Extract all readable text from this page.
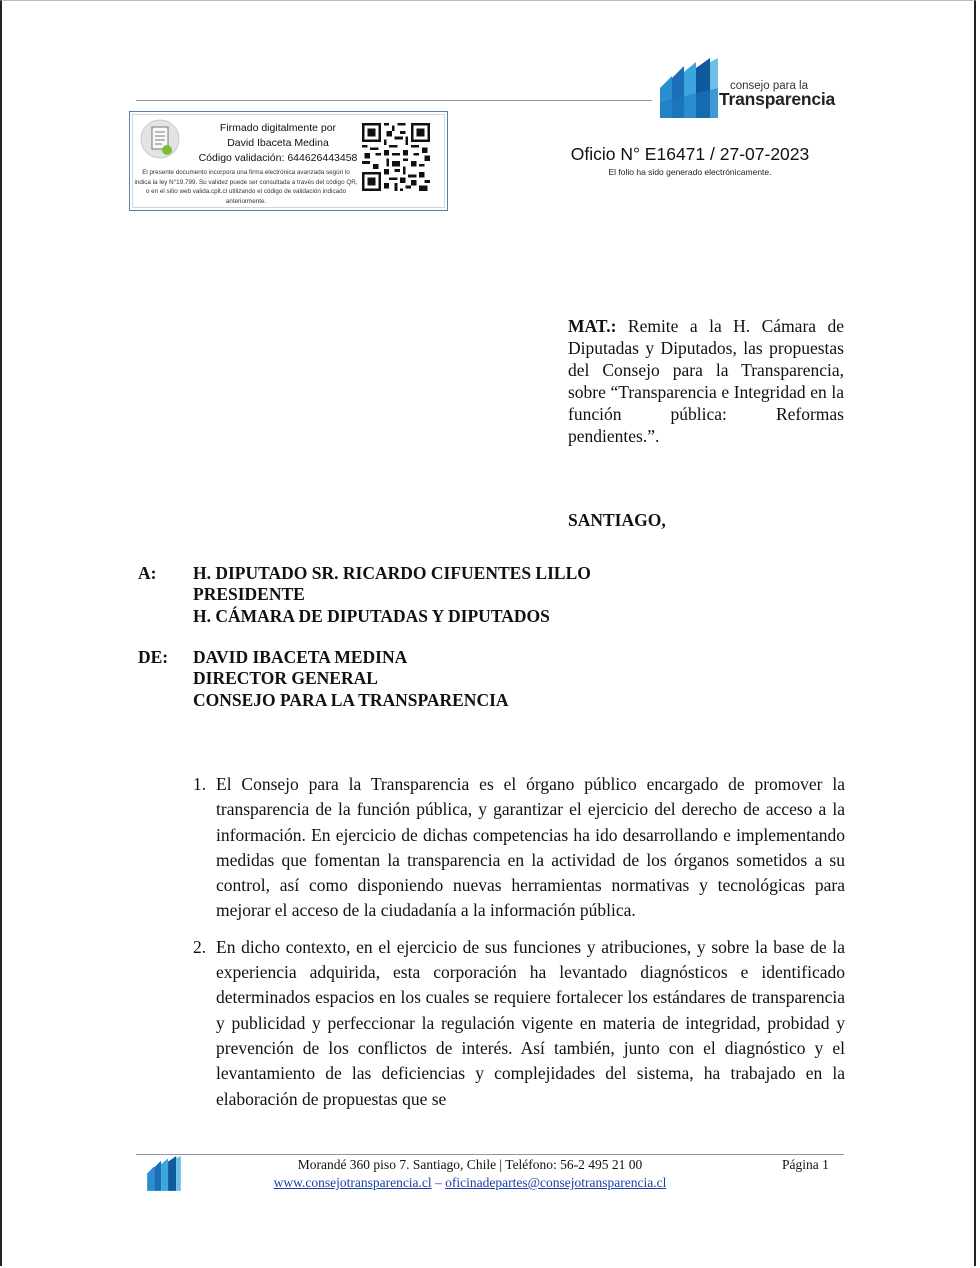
consejo para la
Transparencia
Firmado digitalmente por
David Ibaceta Medina
Código validación: 644626443458
El presente documento incorpora una firma electrónica avanzada según lo indica la ley N°19.799. Su validez puede ser consultada a través del código QR, o en el sitio web valida.cplt.cl utilizando el código de validación indicado anteriormente.
Oficio N° E16471 / 27-07-2023
El folio ha sido generado electrónicamente.
MAT.: Remite a la H. Cámara de Diputadas y Diputados, las propuestas del Consejo para la Transparencia, sobre “Transparencia e Integridad en la función pública: Reformas pendientes.”.
SANTIAGO,
A: H. DIPUTADO SR. RICARDO CIFUENTES LILLO
PRESIDENTE
H. CÁMARA DE DIPUTADAS Y DIPUTADOS
DE: DAVID IBACETA MEDINA
DIRECTOR GENERAL
CONSEJO PARA LA TRANSPARENCIA
1. El Consejo para la Transparencia es el órgano público encargado de promover la transparencia de la función pública, y garantizar el ejercicio del derecho de acceso a la información. En ejercicio de dichas competencias ha ido desarrollando e implementando medidas que fomentan la transparencia en la actividad de los órganos sometidos a su control, así como disponiendo nuevas herramientas normativas y tecnológicas para mejorar el acceso de la ciudadanía a la información pública.
2. En dicho contexto, en el ejercicio de sus funciones y atribuciones, y sobre la base de la experiencia adquirida, esta corporación ha levantado diagnósticos e identificado determinados espacios en los cuales se requiere fortalecer los estándares de transparencia y publicidad y perfeccionar la regulación vigente en materia de integridad, probidad y prevención de los conflictos de interés. Así también, junto con el diagnóstico y el levantamiento de las deficiencias y complejidades del sistema, ha trabajado en la elaboración de propuestas que se
Morandé 360 piso 7. Santiago, Chile | Teléfono: 56-2 495 21 00
www.consejotransparencia.cl – oficinadepartes@consejotransparencia.cl
Página 1
